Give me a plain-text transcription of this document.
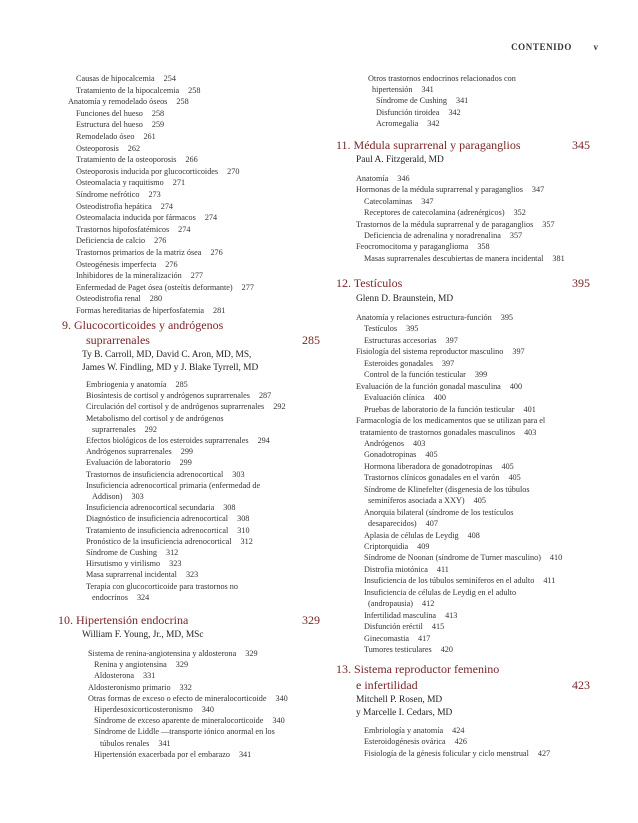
CONTENIDO v
Causas de hipocalcemia 254
Tratamiento de la hipocalcemia 258
Anatomía y remodelado óseos 258
Funciones del hueso 258
Estructura del hueso 259
Remodelado óseo 261
Osteoporosis 262
Tratamiento de la osteoporosis 266
Osteoporosis inducida por glucocorticoides 270
Osteomalacia y raquitismo 271
Síndrome nefrótico 273
Osteodistrofia hepática 274
Osteomalacia inducida por fármacos 274
Trastornos hipofosfatémicos 274
Deficiencia de calcio 276
Trastornos primarios de la matriz ósea 276
Osteogénesis imperfecta 276
Inhibidores de la mineralización 277
Enfermedad de Paget ósea (osteítis deformante) 277
Osteodistrofia renal 280
Formas hereditarias de hiperfosfatemia 281
9. Glucocorticoides y andrógenos
suprarrenales	285
Ty B. Carroll, MD, David C. Aron, MD, MS,
James W. Findling, MD y J. Blake Tyrrell, MD
Embriogenia y anatomía 285
Biosíntesis de cortisol y andrógenos suprarrenales 287
Circulación del cortisol y de andrógenos suprarrenales 292
Metabolismo del cortisol y de andrógenos
suprarrenales 292
Efectos biológicos de los esteroides suprarrenales 294
Andrógenos suprarrenales 299
Evaluación de laboratorio 299
Trastornos de insuficiencia adrenocortical 303
Insuficiencia adrenocortical primaria (enfermedad de
Addison) 303
Insuficiencia adrenocortical secundaria 308
Diagnóstico de insuficiencia adrenocortical 308
Tratamiento de insuficiencia adrenocortical 310
Pronóstico de la insuficiencia adrenocortical 312
Síndrome de Cushing 312
Hirsutismo y virilismo 323
Masa suprarrenal incidental 323
Terapia con glucocorticoide para trastornos no
endocrinos 324
10. Hipertensión endocrina	329
William F. Young, Jr., MD, MSc
Sistema de renina-angiotensina y aldosterona 329
Renina y angiotensina 329
Aldosterona 331
Aldosteronismo primario 332
Otras formas de exceso o efecto de mineralocorticoide 340
Hiperdesoxicorticosteronismo 340
Síndrome de exceso aparente de mineralocorticoide 340
Síndrome de Liddle —transporte iónico anormal en los
túbulos renales 341
Hipertensión exacerbada por el embarazo 341
Otros trastornos endocrinos relacionados con
hipertensión 341
Síndrome de Cushing 341
Disfunción tiroidea 342
Acromegalia 342
11. Médula suprarrenal y paraganglios	345
Paul A. Fitzgerald, MD
Anatomía 346
Hormonas de la médula suprarrenal y paraganglios 347
Catecolaminas 347
Receptores de catecolamina (adrenérgicos) 352
Trastornos de la médula suprarrenal y de paraganglios 357
Deficiencia de adrenalina y noradrenalina 357
Feocromocitoma y paraganglioma 358
Masas suprarrenales descubiertas de manera incidental 381
12. Testículos	395
Glenn D. Braunstein, MD
Anatomía y relaciones estructura-función 395
Testículos 395
Estructuras accesorias 397
Fisiología del sistema reproductor masculino 397
Esteroides gonadales 397
Control de la función testicular 399
Evaluación de la función gonadal masculina 400
Evaluación clínica 400
Pruebas de laboratorio de la función testicular 401
Farmacología de los medicamentos que se utilizan para el
tratamiento de trastornos gonadales masculinos 403
Andrógenos 403
Gonadotropinas 405
Hormona liberadora de gonadotropinas 405
Trastornos clínicos gonadales en el varón 405
Síndrome de Klinefelter (disgenesia de los túbulos
seminíferos asociada a XXY) 405
Anorquia bilateral (síndrome de los testículos
desaparecidos) 407
Aplasia de células de Leydig 408
Criptorquidia 409
Síndrome de Noonan (síndrome de Turner masculino) 410
Distrofia miotónica 411
Insuficiencia de los túbulos seminíferos en el adulto 411
Insuficiencia de células de Leydig en el adulto
(andropausia) 412
Infertilidad masculina 413
Disfunción eréctil 415
Ginecomastia 417
Tumores testiculares 420
13. Sistema reproductor femenino
e infertilidad	423
Mitchell P. Rosen, MD
y Marcelle I. Cedars, MD
Embriología y anatomía 424
Esteroidogénesis ovárica 426
Fisiología de la génesis folicular y ciclo menstrual 427
